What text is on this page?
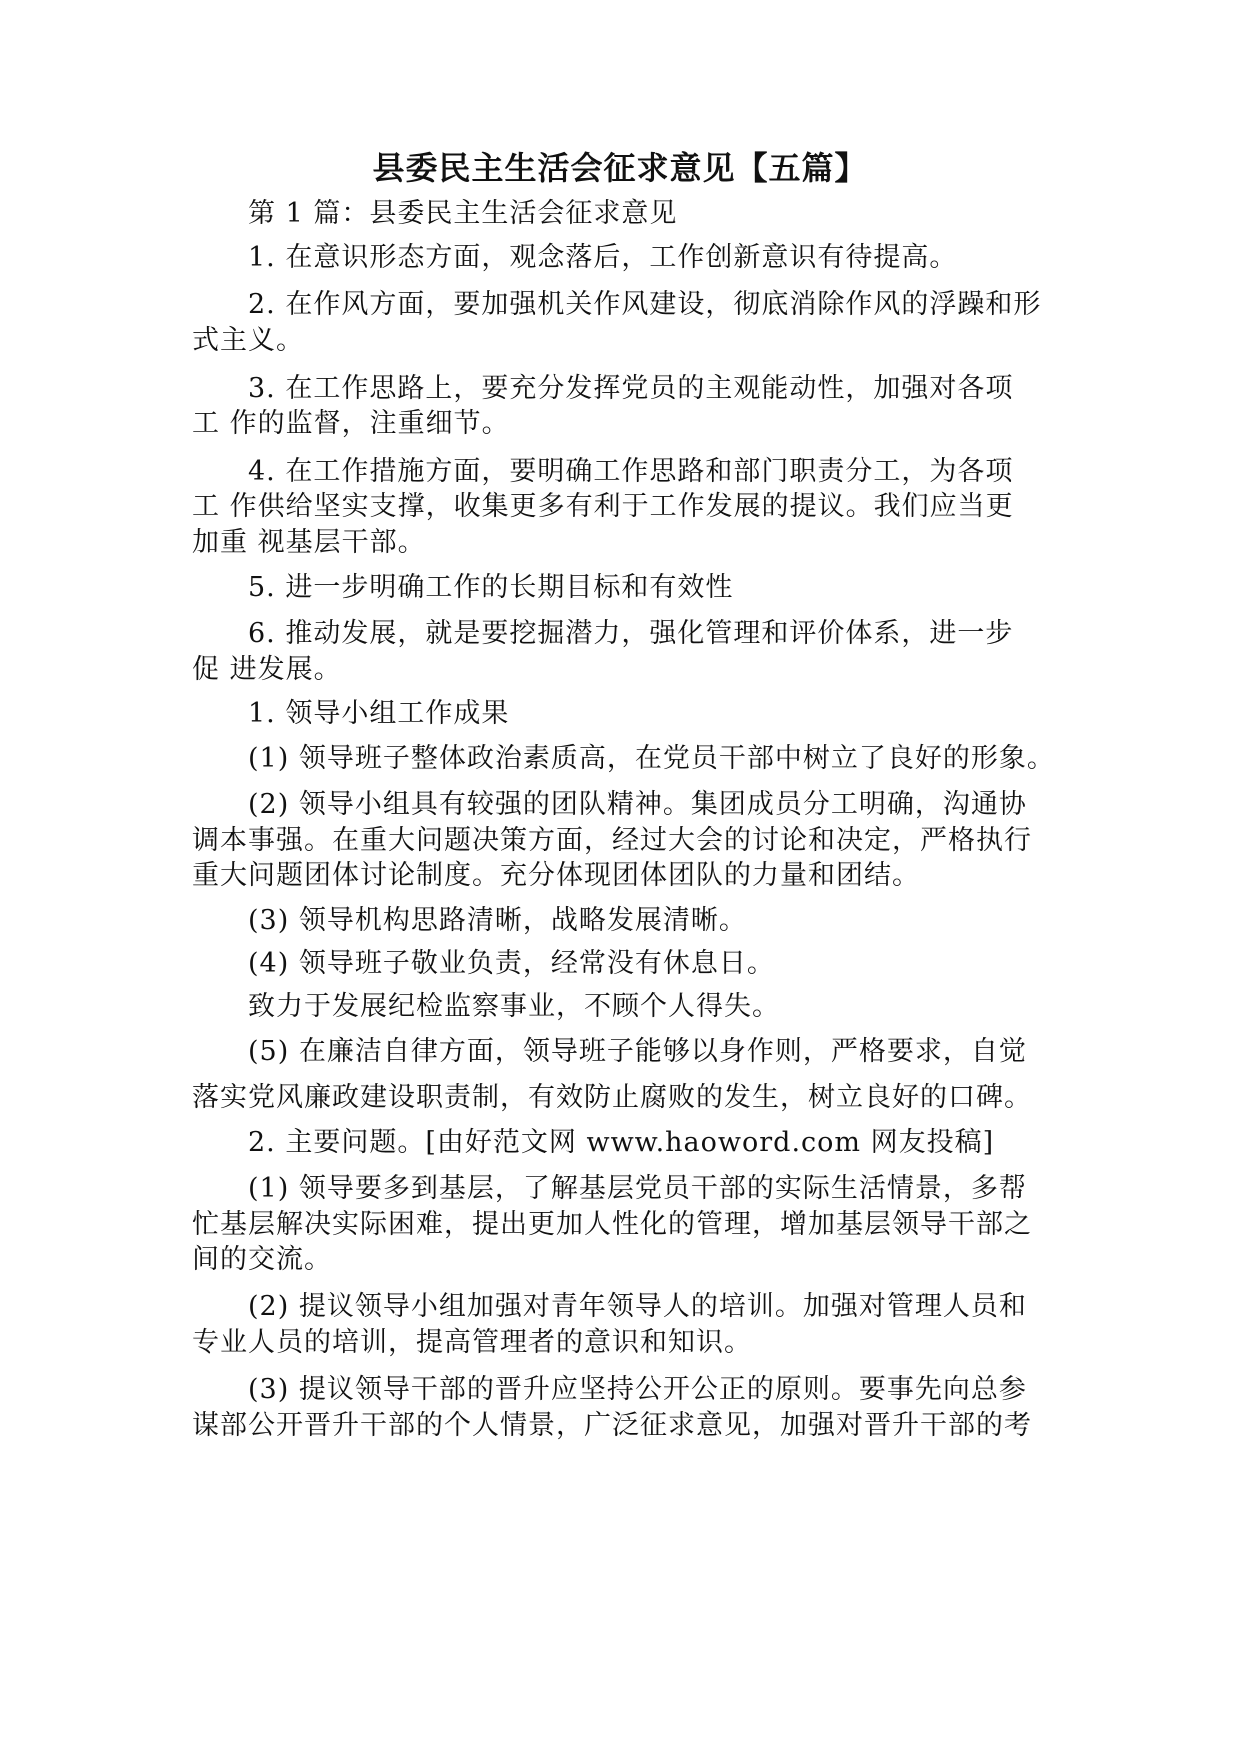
县委民主生活会征求意见【五篇】
第 1 篇：县委民主生活会征求意见
1. 在意识形态方面，观念落后，工作创新意识有待提高。
2. 在作风方面，要加强机关作风建设，彻底消除作风的浮躁和形
式主义。
3. 在工作思路上，要充分发挥党员的主观能动性，加强对各项
工 作的监督，注重细节。
4. 在工作措施方面，要明确工作思路和部门职责分工，为各项
工 作供给坚实支撑，收集更多有利于工作发展的提议。我们应当更
加重 视基层干部。
5. 进一步明确工作的长期目标和有效性
6. 推动发展，就是要挖掘潜力，强化管理和评价体系，进一步
促 进发展。
1. 领导小组工作成果
(1) 领导班子整体政治素质高，在党员干部中树立了良好的形象。
(2) 领导小组具有较强的团队精神。集团成员分工明确，沟通协
调本事强。在重大问题决策方面，经过大会的讨论和决定，严格执行
重大问题团体讨论制度。充分体现团体团队的力量和团结。
(3) 领导机构思路清晰，战略发展清晰。
(4) 领导班子敬业负责，经常没有休息日。
致力于发展纪检监察事业，不顾个人得失。
(5) 在廉洁自律方面，领导班子能够以身作则，严格要求，自觉
落实党风廉政建设职责制，有效防止腐败的发生，树立良好的口碑。
2. 主要问题。[由好范文网 www.haoword.com 网友投稿]
(1) 领导要多到基层，了解基层党员干部的实际生活情景，多帮
忙基层解决实际困难，提出更加人性化的管理，增加基层领导干部之
间的交流。
(2) 提议领导小组加强对青年领导人的培训。加强对管理人员和
专业人员的培训，提高管理者的意识和知识。
(3) 提议领导干部的晋升应坚持公开公正的原则。要事先向总参
谋部公开晋升干部的个人情景，广泛征求意见，加强对晋升干部的考
